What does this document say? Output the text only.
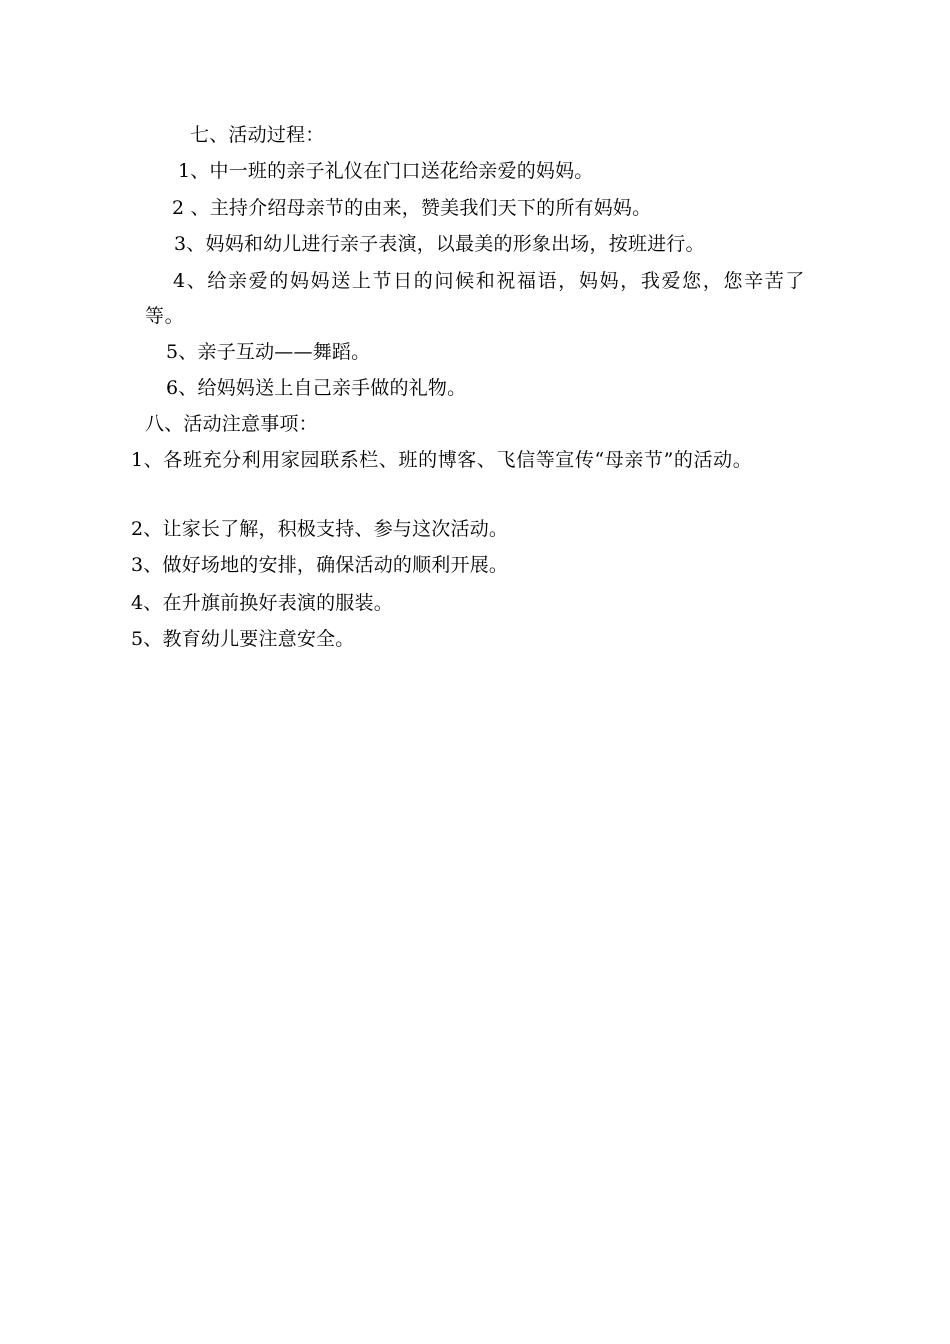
七、活动过程：
1、中一班的亲子礼仪在门口送花给亲爱的妈妈。
2 、主持介绍母亲节的由来，赞美我们天下的所有妈妈。
3、妈妈和幼儿进行亲子表演，以最美的形象出场，按班进行。
4、给亲爱的妈妈送上节日的问候和祝福语，妈妈，我爱您，您辛苦了等。
5、亲子互动——舞蹈。
6、给妈妈送上自己亲手做的礼物。
八、活动注意事项：
1、各班充分利用家园联系栏、班的博客、飞信等宣传“母亲节”的活动。
2、让家长了解，积极支持、参与这次活动。
3、做好场地的安排，确保活动的顺利开展。
4、在升旗前换好表演的服装。
5、教育幼儿要注意安全。
